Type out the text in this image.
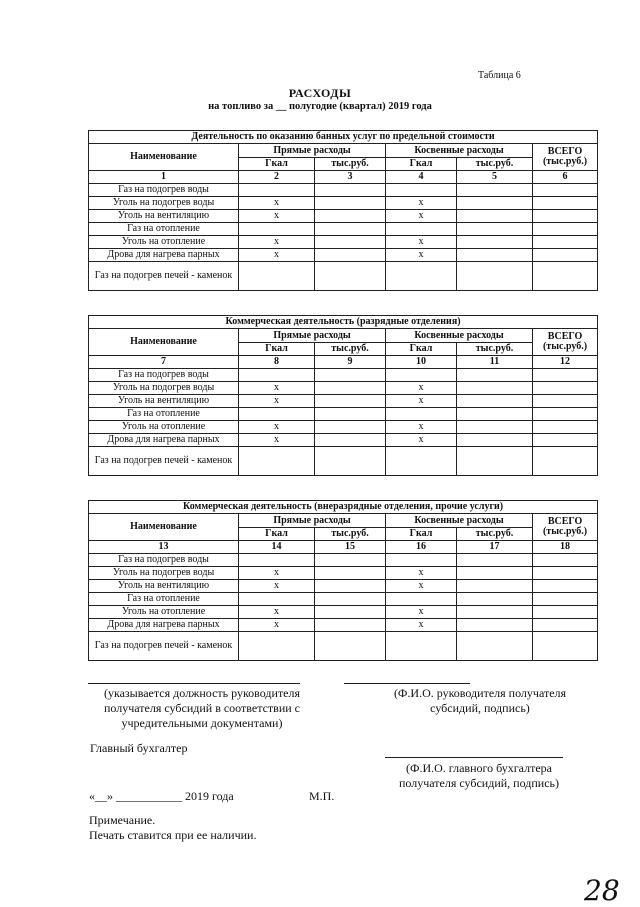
Таблица 6
РАСХОДЫ
на топливо за __ полугодие (квартал) 2019 года
Деятельность по оказанию банных услуг по предельной стоимости					
Наименование	Прямые расходы		Косвенные расходы		ВСЕГО (тыс.руб.)
	Гкал	тыс.руб.	Гкал	тыс.руб.	
1	2	3	4	5	6
Газ на подогрев воды					
Уголь на подогрев воды	x		x		
Уголь на вентиляцию	x		x		
Газ на отопление					
Уголь на отопление	x		x		
Дрова для нагрева парных	x		x		
Газ на подогрев печей - каменок					
Коммерческая деятельность (разрядные отделения)					
Наименование	Прямые расходы		Косвенные расходы		ВСЕГО (тыс.руб.)
	Гкал	тыс.руб.	Гкал	тыс.руб.	
7	8	9	10	11	12
Газ на подогрев воды					
Уголь на подогрев воды	x		x		
Уголь на вентиляцию	x		x		
Газ на отопление					
Уголь на отопление	x		x		
Дрова для нагрева парных	x		x		
Газ на подогрев печей - каменок					
Коммерческая деятельность (внеразрядные отделения, прочие услуги)					
Наименование	Прямые расходы		Косвенные расходы		ВСЕГО (тыс.руб.)
	Гкал	тыс.руб.	Гкал	тыс.руб.	
13	14	15	16	17	18
Газ на подогрев воды					
Уголь на подогрев воды	x		x		
Уголь на вентиляцию	x		x		
Газ на отопление					
Уголь на отопление	x		x		
Дрова для нагрева парных	x		x		
Газ на подогрев печей - каменок					
(указывается должность руководителя получателя субсидий в соответствии с учредительными документами)
(Ф.И.О. руководителя получателя субсидий, подпись)
Главный бухгалтер
(Ф.И.О. главного бухгалтера получателя субсидий, подпись)
«__» ___________ 2019 года	М.П.
Примечание.
Печать ставится при ее наличии.
28
